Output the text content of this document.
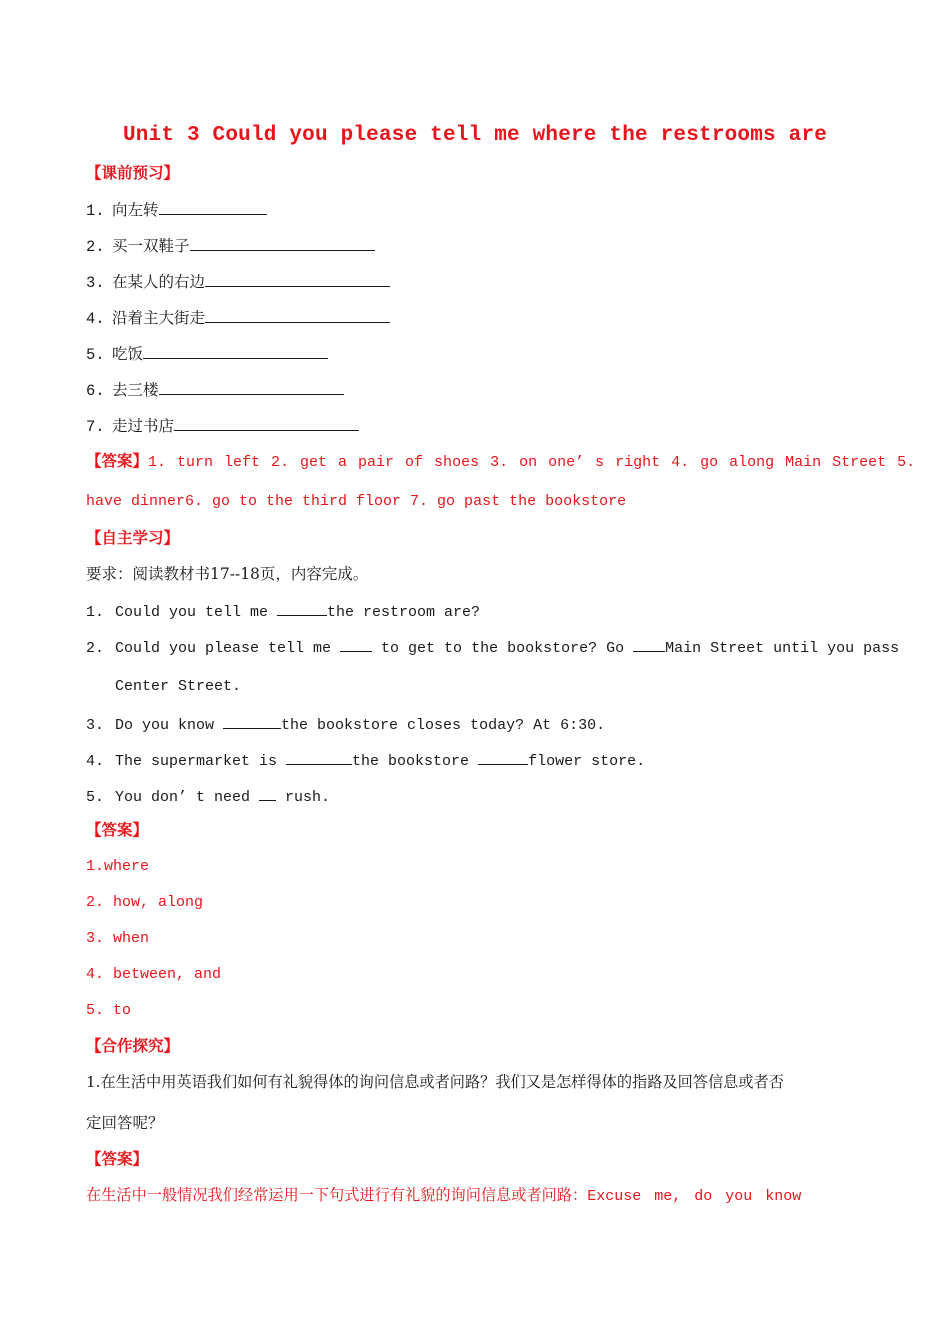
Unit 3 Could you please tell me where the restrooms are
【课前预习】
1. 向左转
2. 买一双鞋子
3. 在某人的右边
4. 沿着主大街走
5. 吃饭
6. 去三楼
7. 走过书店
【答案】1. turn left 2. get a pair of shoes 3. on one’ s right 4. go along Main Street 5.
have dinner6. go to the third floor 7. go past the bookstore
【自主学习】
要求：阅读教材书17--18页，内容完成。
1. Could you tell me	the restroom are?
2. Could you please tell me  to get to the bookstore? Go Main Street until you pass
Center Street.
3. Do you know	the bookstore closes today? At 6:30.
4. The supermarket is	the bookstore	flower store.
5. You don’ t need  rush.
【答案】
1.where
2. how, along
3. when
4. between, and
5. to
【合作探究】
1.在生活中用英语我们如何有礼貌得体的询问信息或者问路？我们又是怎样得体的指路及回答信息或者否
定回答呢？
【答案】
在生活中一般情况我们经常运用一下句式进行有礼貌的询问信息或者问路：Excuse me, do you know
